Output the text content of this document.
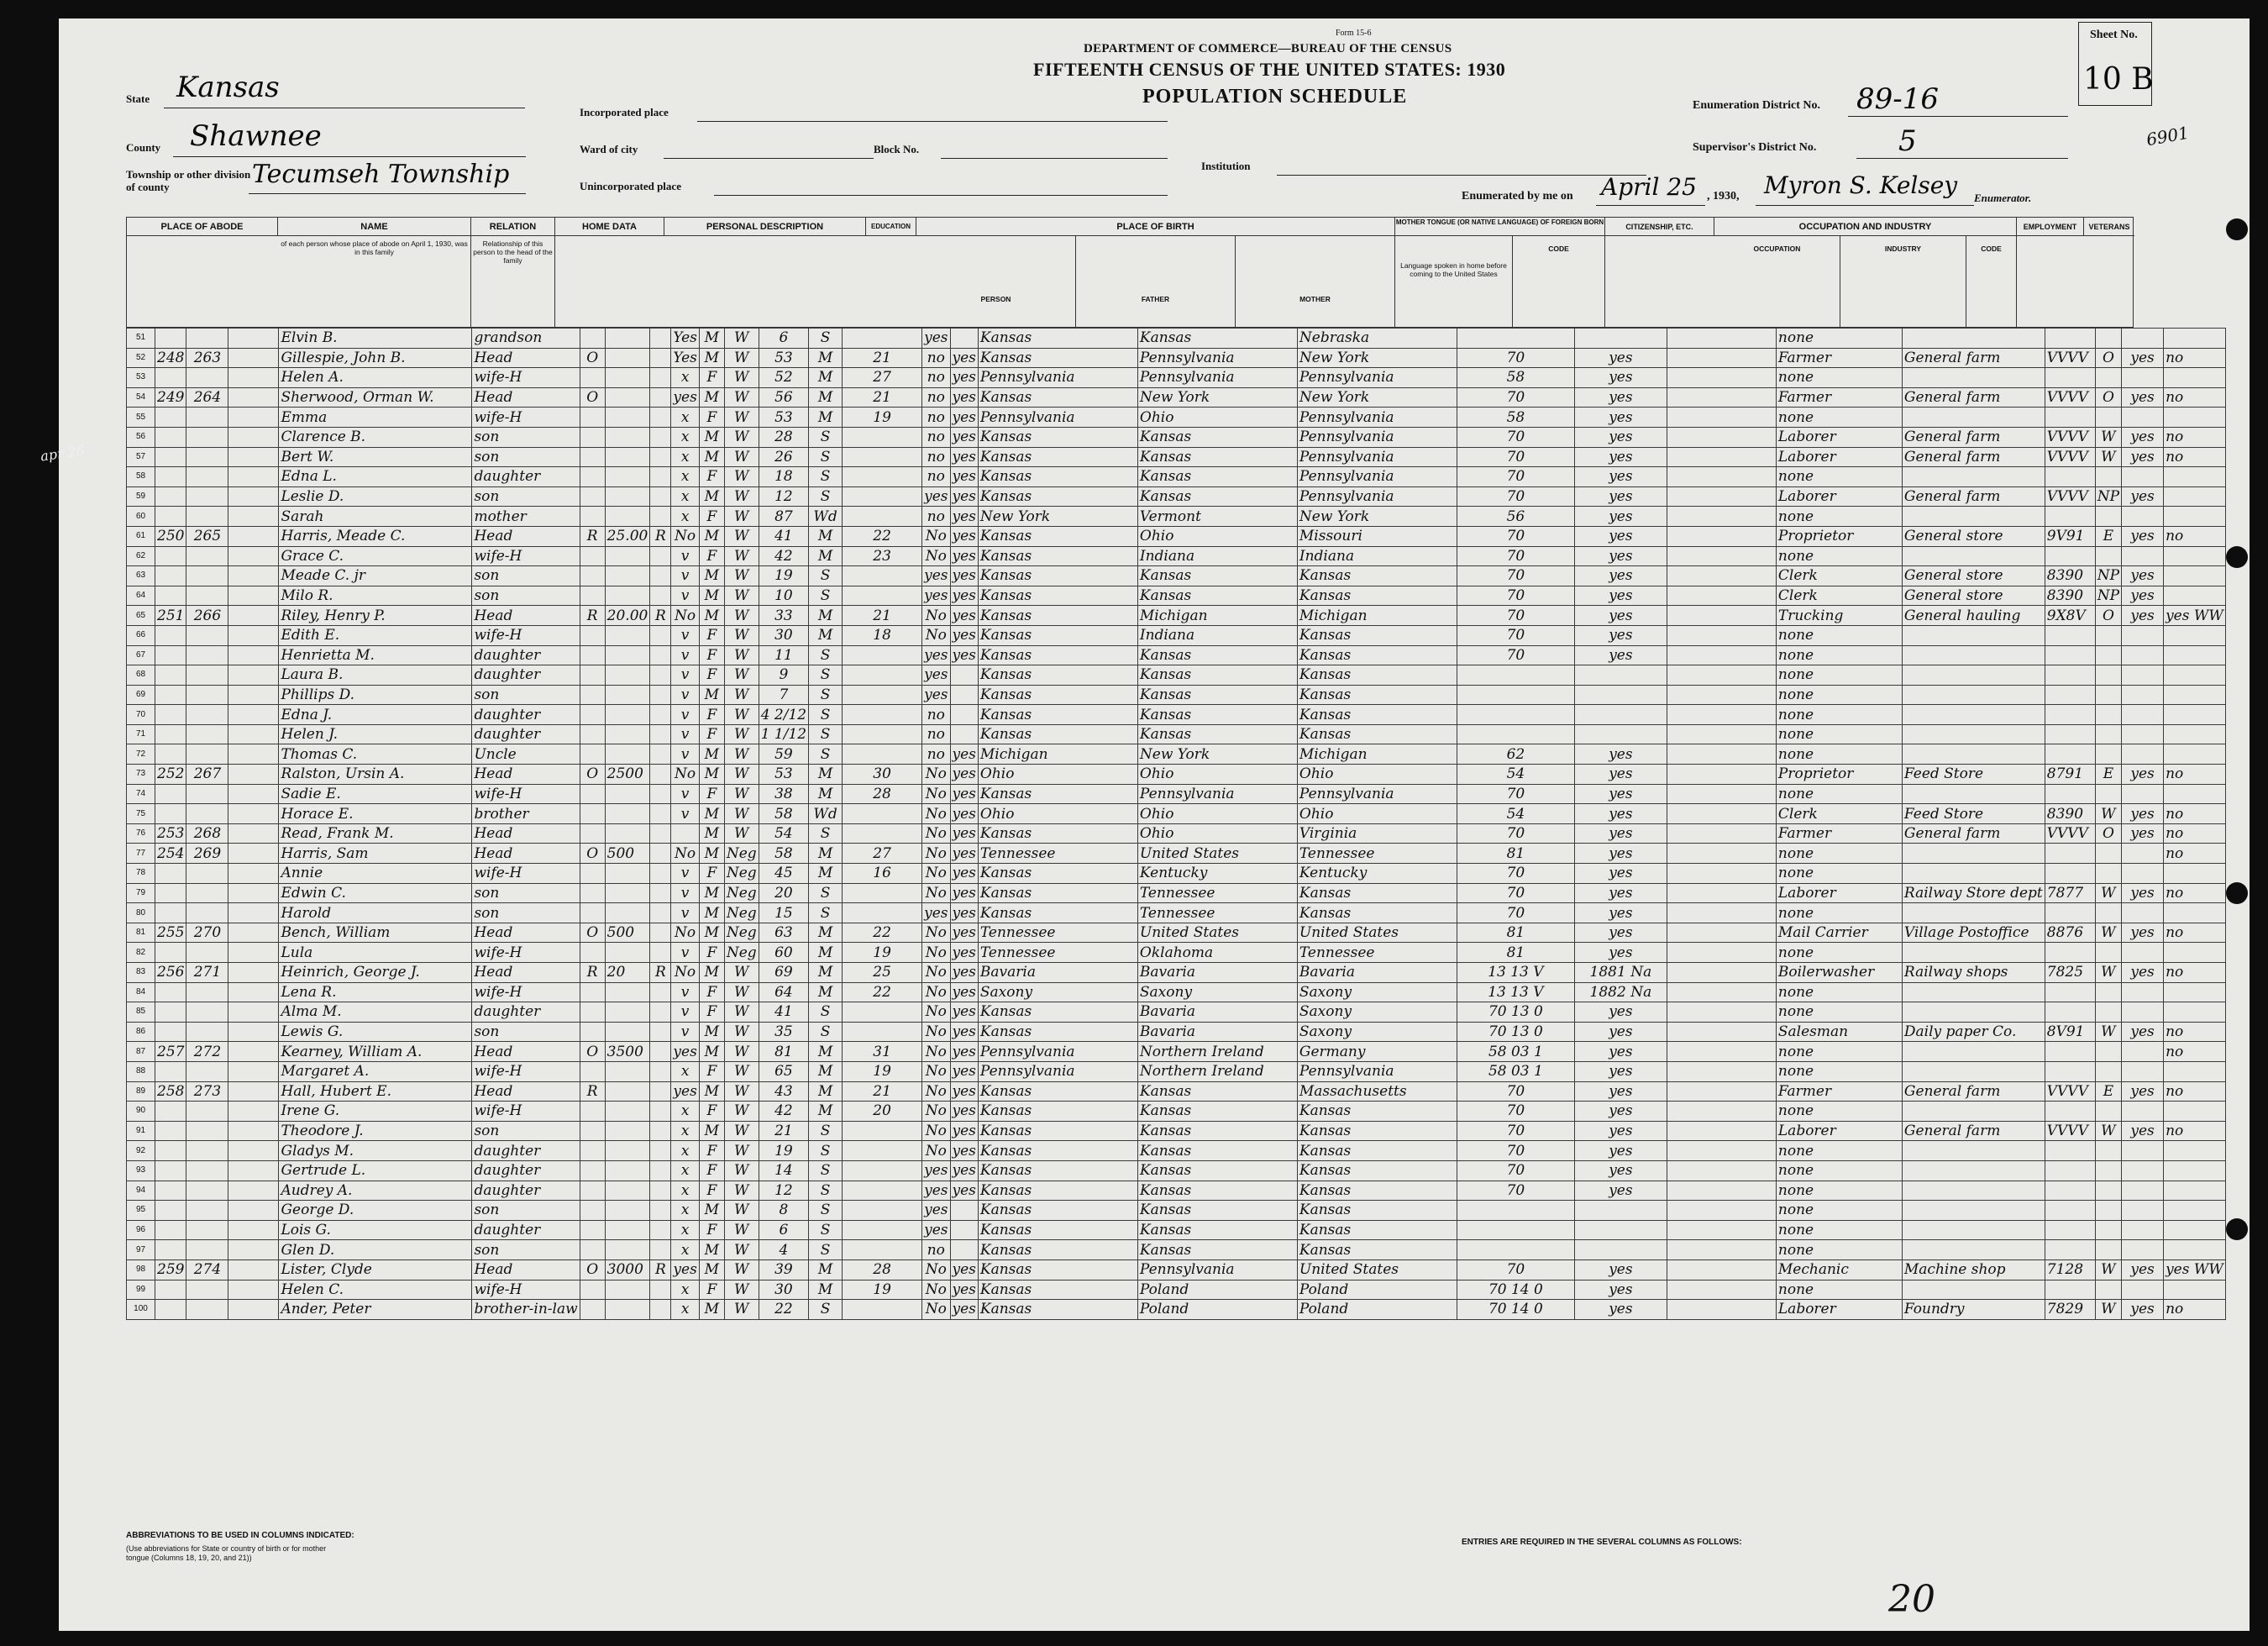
apr 26
Form 15-6
DEPARTMENT OF COMMERCE—BUREAU OF THE CENSUS
FIFTEENTH CENSUS OF THE UNITED STATES: 1930
POPULATION SCHEDULE
State Kansas
County Shawnee
Township or other division of county	Tecumseh Township
Incorporated place
Ward of city	Block No.
Unincorporated place
Institution
Enumeration District No. 89-16
Supervisor's District No.	5
Sheet No.
10 B
Enumerated by me on April 25 , 1930, Myron S. Kelsey Enumerator.
6901
PLACE OF ABODE	NAME	RELATION	HOME DATA	PERSONAL DESCRIPTION	EDUCATION	PLACE OF BIRTH	MOTHER TONGUE (OR NATIVE LANGUAGE) OF FOREIGN BORN
CITIZENSHIP, ETC.	OCCUPATION AND INDUSTRY	EMPLOYMENT	VETERANS
of each person whose place of abode on April 1, 1930, was in this family
Relationship of this person to the head of the family
PERSON	FATHER	MOTHER
Language spoken in home before coming to the United States
CODE	OCCUPATION	INDUSTRY	CODE
51				Elvin B.	grandson				Yes	M	W	6	S		yes		Kansas	Kansas	Nebraska				none					
52	248	263		Gillespie, John B.	Head	O			Yes	M	W	53	M	21	no	yes	Kansas	Pennsylvania	New York	70	yes		Farmer	General farm	VVVV	O	yes	no
53				Helen A.	wife-H				x	F	W	52	M	27	no	yes	Pennsylvania	Pennsylvania	Pennsylvania	58	yes		none					
54	249	264		Sherwood, Orman W.	Head	O			yes	M	W	56	M	21	no	yes	Kansas	New York	New York	70	yes		Farmer	General farm	VVVV	O	yes	no
55				Emma	wife-H				x	F	W	53	M	19	no	yes	Pennsylvania	Ohio	Pennsylvania	58	yes		none					
56				Clarence B.	son				x	M	W	28	S		no	yes	Kansas	Kansas	Pennsylvania	70	yes		Laborer	General farm	VVVV	W	yes	no
57				Bert W.	son				x	M	W	26	S		no	yes	Kansas	Kansas	Pennsylvania	70	yes		Laborer	General farm	VVVV	W	yes	no
58				Edna L.	daughter				x	F	W	18	S		no	yes	Kansas	Kansas	Pennsylvania	70	yes		none					
59				Leslie D.	son				x	M	W	12	S		yes	yes	Kansas	Kansas	Pennsylvania	70	yes		Laborer	General farm	VVVV	NP	yes	
60				Sarah	mother				x	F	W	87	Wd		no	yes	New York	Vermont	New York	56	yes		none					
61	250	265		Harris, Meade C.	Head	R	25.00	R	No	M	W	41	M	22	No	yes	Kansas	Ohio	Missouri	70	yes		Proprietor	General store	9V91	E	yes	no
62				Grace C.	wife-H				v	F	W	42	M	23	No	yes	Kansas	Indiana	Indiana	70	yes		none					
63				Meade C. jr	son				v	M	W	19	S		yes	yes	Kansas	Kansas	Kansas	70	yes		Clerk	General store	8390	NP	yes	
64				Milo R.	son				v	M	W	10	S		yes	yes	Kansas	Kansas	Kansas	70	yes		Clerk	General store	8390	NP	yes	
65	251	266		Riley, Henry P.	Head	R	20.00	R	No	M	W	33	M	21	No	yes	Kansas	Michigan	Michigan	70	yes		Trucking	General hauling	9X8V	O	yes	yes WW
66				Edith E.	wife-H				v	F	W	30	M	18	No	yes	Kansas	Indiana	Kansas	70	yes		none					
67				Henrietta M.	daughter				v	F	W	11	S		yes	yes	Kansas	Kansas	Kansas	70	yes		none					
68				Laura B.	daughter				v	F	W	9	S		yes		Kansas	Kansas	Kansas				none					
69				Phillips D.	son				v	M	W	7	S		yes		Kansas	Kansas	Kansas				none					
70				Edna J.	daughter				v	F	W	4 2/12	S		no		Kansas	Kansas	Kansas				none					
71				Helen J.	daughter				v	F	W	1 1/12	S		no		Kansas	Kansas	Kansas				none					
72				Thomas C.	Uncle				v	M	W	59	S		no	yes	Michigan	New York	Michigan	62	yes		none					
73	252	267		Ralston, Ursin A.	Head	O	2500		No	M	W	53	M	30	No	yes	Ohio	Ohio	Ohio	54	yes		Proprietor	Feed Store	8791	E	yes	no
74				Sadie E.	wife-H				v	F	W	38	M	28	No	yes	Kansas	Pennsylvania	Pennsylvania	70	yes		none					
75				Horace E.	brother				v	M	W	58	Wd		No	yes	Ohio	Ohio	Ohio	54	yes		Clerk	Feed Store	8390	W	yes	no
76	253	268		Read, Frank M.	Head					M	W	54	S		No	yes	Kansas	Ohio	Virginia	70	yes		Farmer	General farm	VVVV	O	yes	no
77	254	269		Harris, Sam	Head	O	500		No	M	Neg	58	M	27	No	yes	Tennessee	United States	Tennessee	81	yes		none					no
78				Annie	wife-H				v	F	Neg	45	M	16	No	yes	Kansas	Kentucky	Kentucky	70	yes		none					
79				Edwin C.	son				v	M	Neg	20	S		No	yes	Kansas	Tennessee	Kansas	70	yes		Laborer	Railway Store dept	7877	W	yes	no
80				Harold	son				v	M	Neg	15	S		yes	yes	Kansas	Tennessee	Kansas	70	yes		none					
81	255	270		Bench, William	Head	O	500		No	M	Neg	63	M	22	No	yes	Tennessee	United States	United States	81	yes		Mail Carrier	Village Postoffice	8876	W	yes	no
82				Lula	wife-H				v	F	Neg	60	M	19	No	yes	Tennessee	Oklahoma	Tennessee	81	yes		none					
83	256	271		Heinrich, George J.	Head	R	20	R	No	M	W	69	M	25	No	yes	Bavaria	Bavaria	Bavaria	13 13 V	1881 Na		Boilerwasher	Railway shops	7825	W	yes	no
84				Lena R.	wife-H				v	F	W	64	M	22	No	yes	Saxony	Saxony	Saxony	13 13 V	1882 Na		none					
85				Alma M.	daughter				v	F	W	41	S		No	yes	Kansas	Bavaria	Saxony	70 13 0	yes		none					
86				Lewis G.	son				v	M	W	35	S		No	yes	Kansas	Bavaria	Saxony	70 13 0	yes		Salesman	Daily paper Co.	8V91	W	yes	no
87	257	272		Kearney, William A.	Head	O	3500		yes	M	W	81	M	31	No	yes	Pennsylvania	Northern Ireland	Germany	58 03 1	yes		none					no
88				Margaret A.	wife-H				x	F	W	65	M	19	No	yes	Pennsylvania	Northern Ireland	Pennsylvania	58 03 1	yes		none					
89	258	273		Hall, Hubert E.	Head	R			yes	M	W	43	M	21	No	yes	Kansas	Kansas	Massachusetts	70	yes		Farmer	General farm	VVVV	E	yes	no
90				Irene G.	wife-H				x	F	W	42	M	20	No	yes	Kansas	Kansas	Kansas	70	yes		none					
91				Theodore J.	son				x	M	W	21	S		No	yes	Kansas	Kansas	Kansas	70	yes		Laborer	General farm	VVVV	W	yes	no
92				Gladys M.	daughter				x	F	W	19	S		No	yes	Kansas	Kansas	Kansas	70	yes		none					
93				Gertrude L.	daughter				x	F	W	14	S		yes	yes	Kansas	Kansas	Kansas	70	yes		none					
94				Audrey A.	daughter				x	F	W	12	S		yes	yes	Kansas	Kansas	Kansas	70	yes		none					
95				George D.	son				x	M	W	8	S		yes		Kansas	Kansas	Kansas				none					
96				Lois G.	daughter				x	F	W	6	S		yes		Kansas	Kansas	Kansas				none					
97				Glen D.	son				x	M	W	4	S		no		Kansas	Kansas	Kansas				none					
98	259	274		Lister, Clyde	Head	O	3000	R	yes	M	W	39	M	28	No	yes	Kansas	Pennsylvania	United States	70	yes		Mechanic	Machine shop	7128	W	yes	yes WW
99				Helen C.	wife-H				x	F	W	30	M	19	No	yes	Kansas	Poland	Poland	70 14 0	yes		none					
100				Ander, Peter	brother-in-law				x	M	W	22	S		No	yes	Kansas	Poland	Poland	70 14 0	yes		Laborer	Foundry	7829	W	yes	no
ABBREVIATIONS TO BE USED IN COLUMNS INDICATED:
(Use abbreviations for State or country of birth or for mother tongue (Columns 18, 19, 20, and 21))
ENTRIES ARE REQUIRED IN THE SEVERAL COLUMNS AS FOLLOWS:
20
